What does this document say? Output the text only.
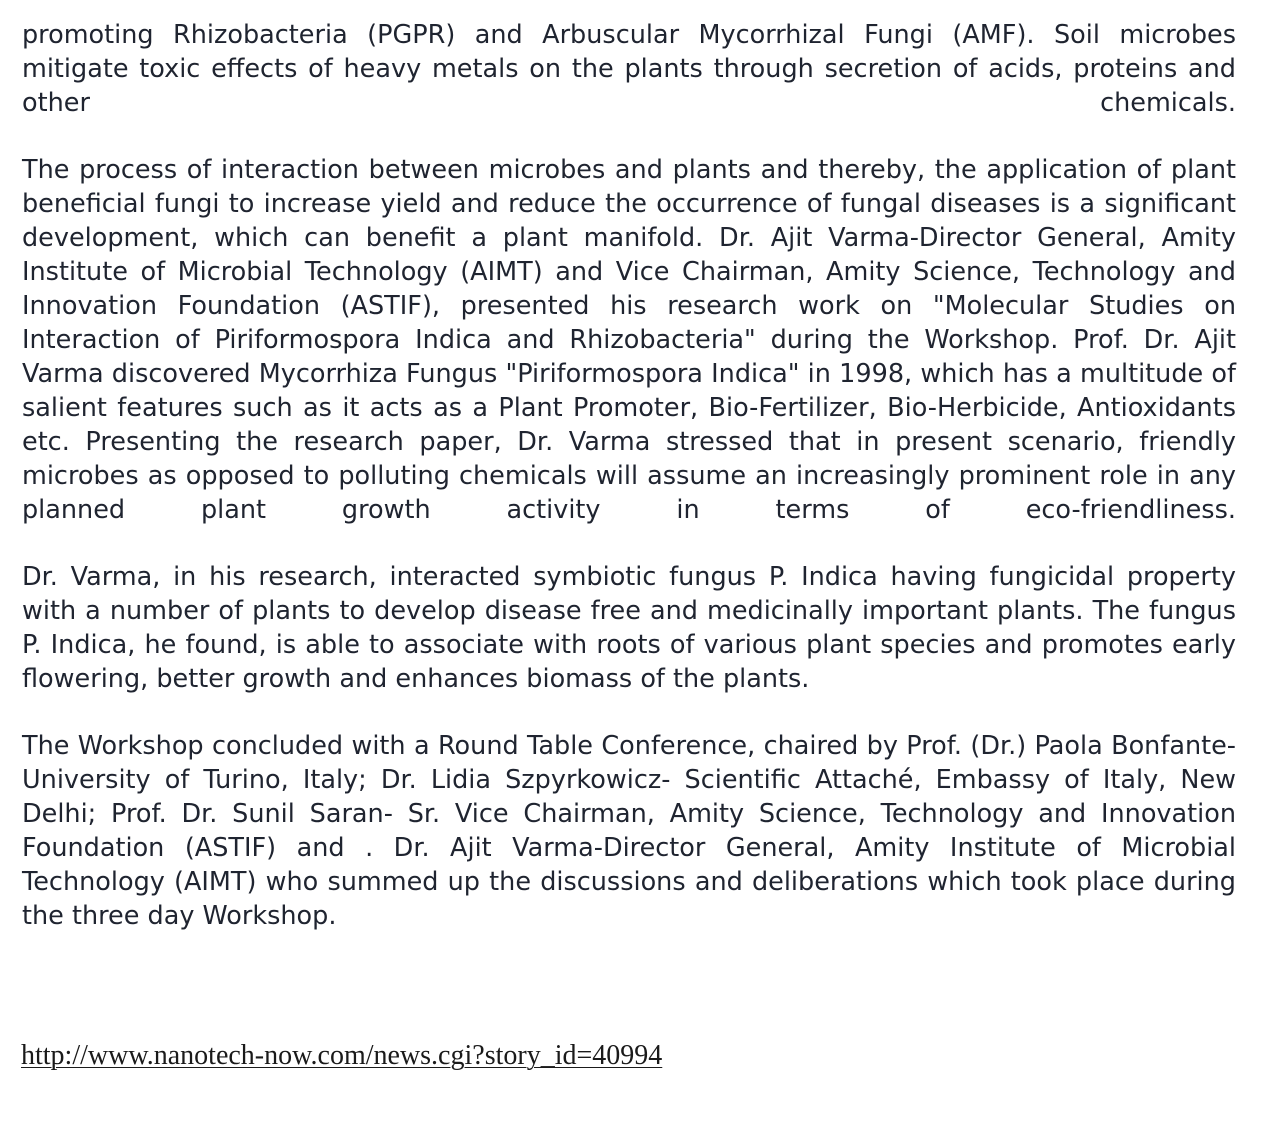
promoting Rhizobacteria (PGPR) and Arbuscular Mycorrhizal Fungi (AMF). Soil microbes mitigate toxic effects of heavy metals on the plants through secretion of acids, proteins and other chemicals.

The process of interaction between microbes and plants and thereby, the application of plant beneficial fungi to increase yield and reduce the occurrence of fungal diseases is a significant development, which can benefit a plant manifold. Dr. Ajit Varma-Director General, Amity Institute of Microbial Technology (AIMT) and Vice Chairman, Amity Science, Technology and Innovation Foundation (ASTIF), presented his research work on "Molecular Studies on Interaction of Piriformospora Indica and Rhizobacteria" during the Workshop. Prof. Dr. Ajit Varma discovered Mycorrhiza Fungus "Piriformospora Indica" in 1998, which has a multitude of salient features such as it acts as a Plant Promoter, Bio-Fertilizer, Bio-Herbicide, Antioxidants etc. Presenting the research paper, Dr. Varma stressed that in present scenario, friendly microbes as opposed to polluting chemicals will assume an increasingly prominent role in any planned plant growth activity in terms of eco-friendliness.

Dr. Varma, in his research, interacted symbiotic fungus P. Indica having fungicidal property with a number of plants to develop disease free and medicinally important plants. The fungus P. Indica, he found, is able to associate with roots of various plant species and promotes early flowering, better growth and enhances biomass of the plants.

The Workshop concluded with a Round Table Conference, chaired by Prof. (Dr.) Paola Bonfante- University of Turino, Italy; Dr. Lidia Szpyrkowicz- Scientific Attaché, Embassy of Italy, New Delhi; Prof. Dr. Sunil Saran- Sr. Vice Chairman, Amity Science, Technology and Innovation Foundation (ASTIF) and . Dr. Ajit Varma-Director General, Amity Institute of Microbial Technology (AIMT) who summed up the discussions and deliberations which took place during the three day Workshop.

http://www.nanotech-now.com/news.cgi?story_id=40994
